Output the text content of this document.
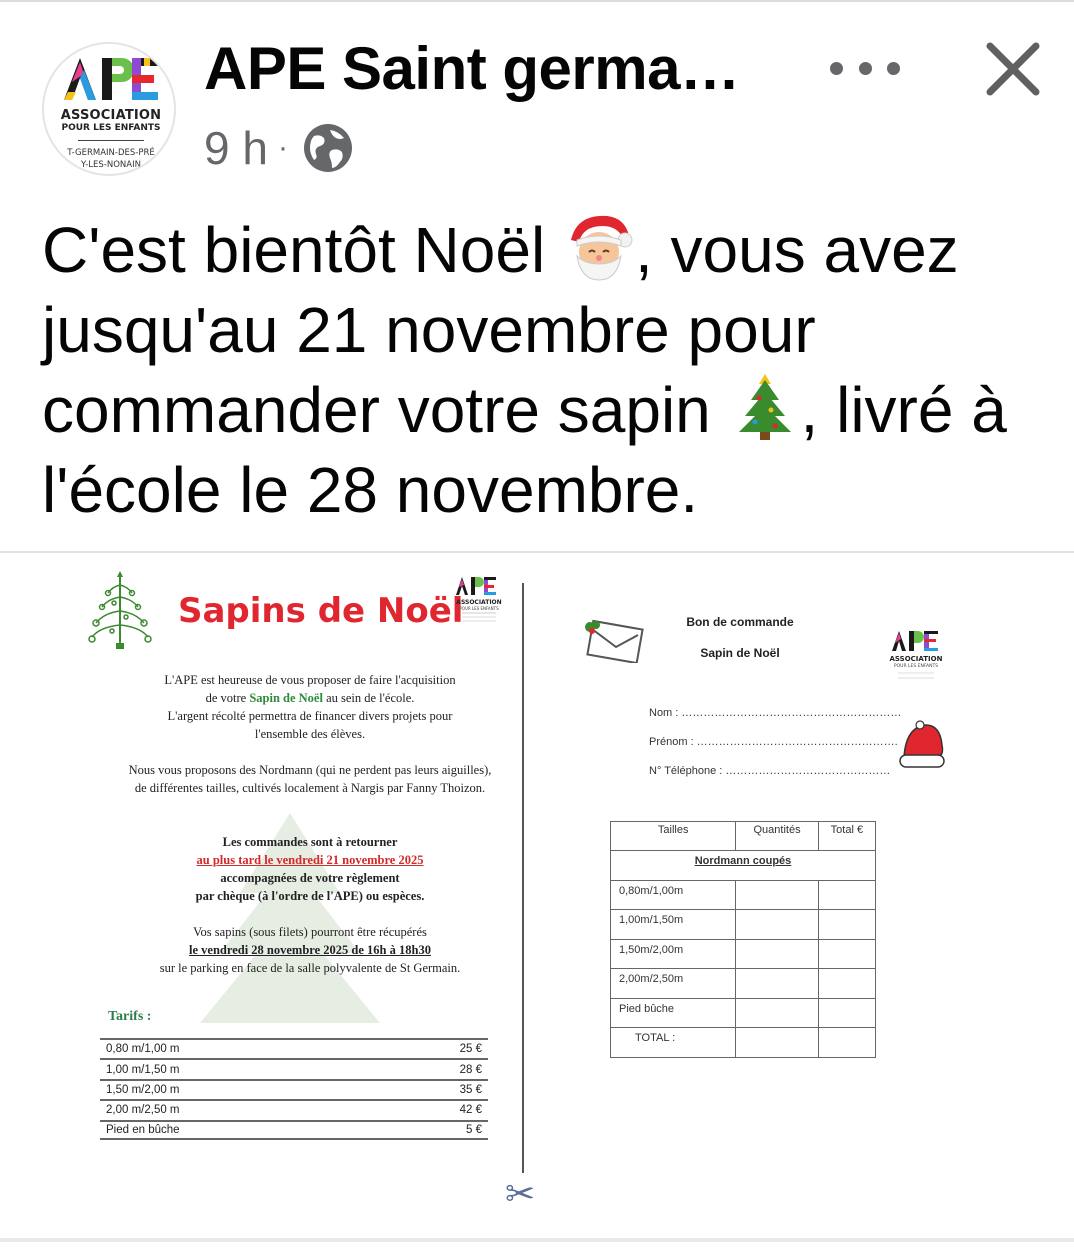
ASSOCIATION
POUR LES ENFANTS
T-GERMAIN-DES-PRÉ
Y-LES-NONAIN
APE Saint germa…
9 h ·
C'est bientôt Noël , vous avez jusqu'au 21 novembre pour commander votre sapin , livré à l'école le 28 novembre.
Sapins de Noël
ASSOCIATION
POUR LES ENFANTS
L'APE est heureuse de vous proposer de faire l'acquisition
de votre Sapin de Noël au sein de l'école.
L'argent récolté permettra de financer divers projets pour
l'ensemble des élèves.
Nous vous proposons des Nordmann (qui ne perdent pas leurs aiguilles),
de différentes tailles, cultivés localement à Nargis par Fanny Thoizon.
Les commandes sont à retourner
au plus tard le vendredi 21 novembre 2025
accompagnées de votre règlement
par chèque (à l'ordre de l'APE) ou espèces.
Vos sapins (sous filets) pourront être récupérés
le vendredi 28 novembre 2025 de 16h à 18h30
sur le parking en face de la salle polyvalente de St Germain.
Tarifs :
0,80 m/1,00 m	25 €
1,00 m/1,50 m	28 €
1,50 m/2,00 m	35 €
2,00 m/2,50 m	42 €
Pied en bûche	5 €
✂
Bon de commande
Sapin de Noël	ASSOCIATION
POUR LES ENFANTS
Nom : ……………………………………………………
Prénom : ……………………………………………….
N° Téléphone : ………………………………………
Tailles	Quantités	Total €
Nordmann coupés		
0,80m/1,00m		
1,00m/1,50m		
1,50m/2,00m		
2,00m/2,50m		
Pied bûche		
TOTAL :		
